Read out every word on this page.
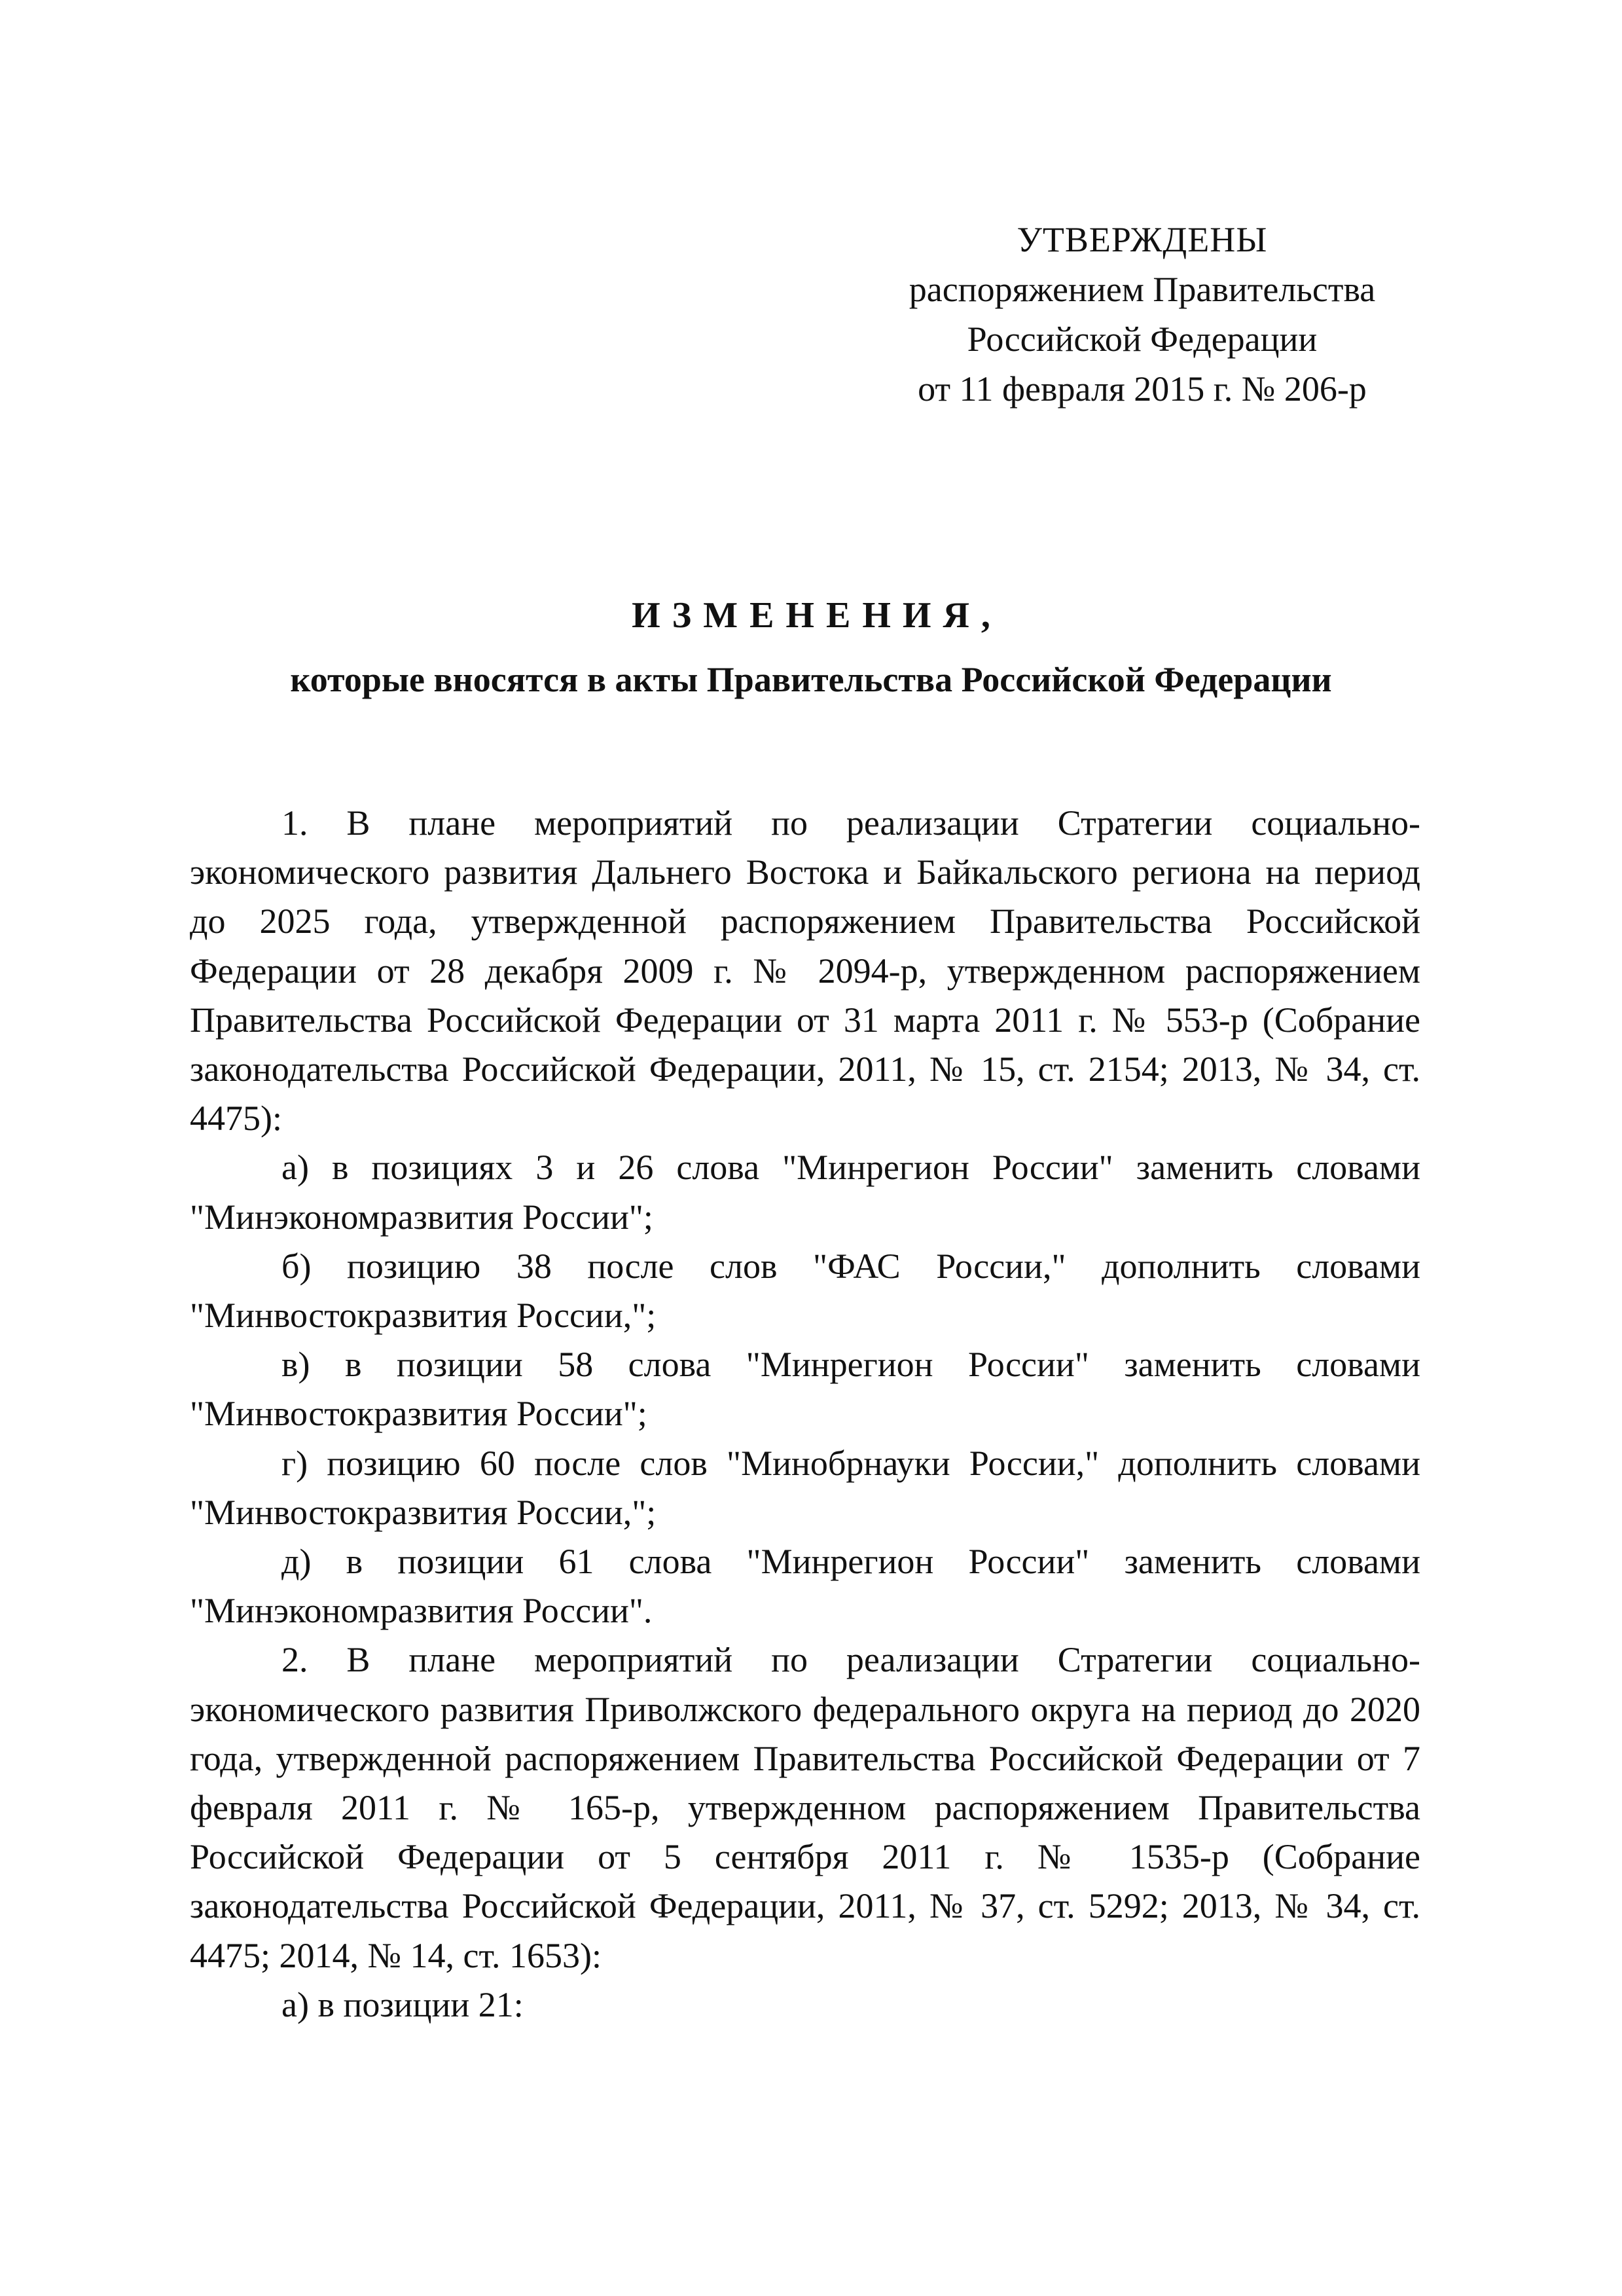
УТВЕРЖДЕНЫ
распоряжением Правительства
Российской Федерации
от 11 февраля 2015 г. № 206-р
ИЗМЕНЕНИЯ,
которые вносятся в акты Правительства Российской Федерации

1. В плане мероприятий по реализации Стратегии социально-экономического развития Дальнего Востока и Байкальского региона на период до 2025 года, утвержденной распоряжением Правительства Российской Федерации от 28 декабря 2009 г. № 2094-р, утвержденном распоряжением Правительства Российской Федерации от 31 марта 2011 г. № 553-р (Собрание законодательства Российской Федерации, 2011, № 15, ст. 2154; 2013, № 34, ст. 4475):

а) в позициях 3 и 26 слова "Минрегион России" заменить словами "Минэкономразвития России";

б) позицию 38 после слов "ФАС России," дополнить словами "Минвостокразвития России,";

в) в позиции 58 слова "Минрегион России" заменить словами "Минвостокразвития России";

г) позицию 60 после слов "Минобрнауки России," дополнить словами "Минвостокразвития России,";

д) в позиции 61 слова "Минрегион России" заменить словами "Минэкономразвития России".

2. В плане мероприятий по реализации Стратегии социально-экономического развития Приволжского федерального округа на период до 2020 года, утвержденной распоряжением Правительства Российской Федерации от 7 февраля 2011 г. № 165-р, утвержденном распоряжением Правительства Российской Федерации от 5 сентября 2011 г. № 1535-р (Собрание законодательства Российской Федерации, 2011, № 37, ст. 5292; 2013, № 34, ст. 4475; 2014, № 14, ст. 1653):

а) в позиции 21:
